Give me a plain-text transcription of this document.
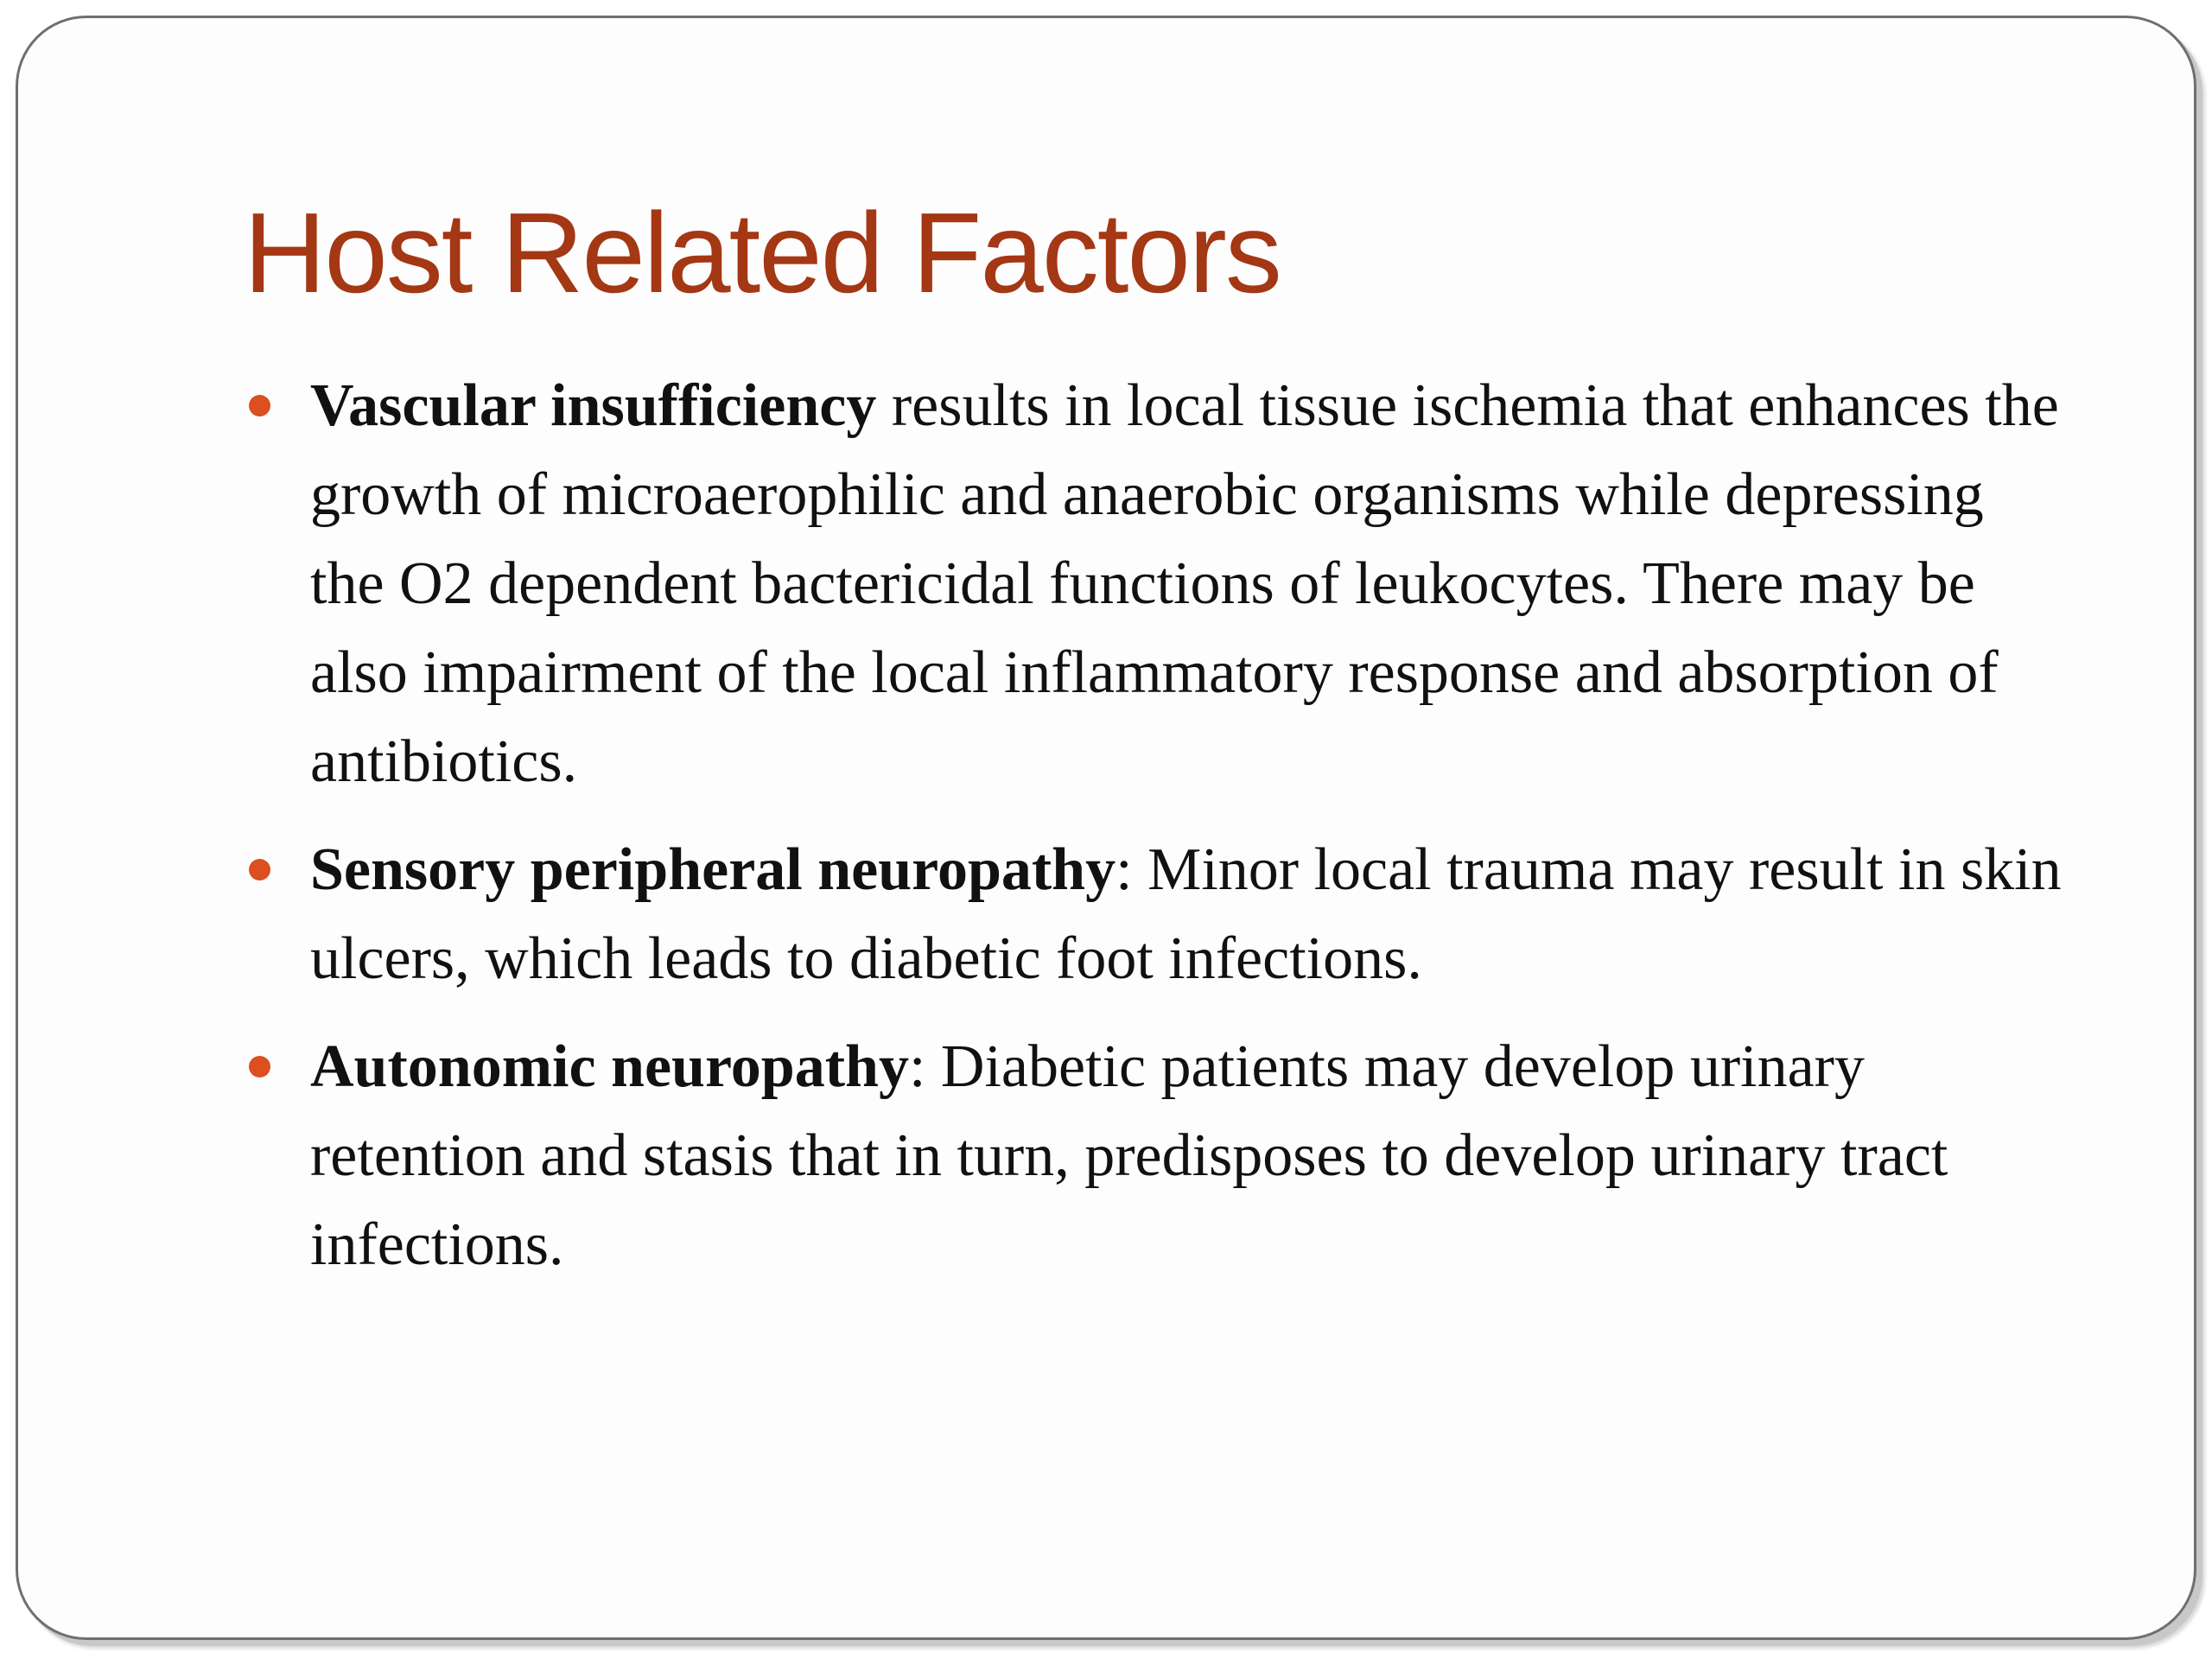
Host Related Factors
Vascular insufficiency results in local tissue ischemia that enhances the growth of microaerophilic and anaerobic organisms while depressing the O2 dependent bactericidal functions of leukocytes. There may be also impairment of the local inflammatory response and absorption of antibiotics.
Sensory peripheral neuropathy: Minor local trauma may result in skin ulcers, which leads to diabetic foot infections.
Autonomic neuropathy: Diabetic patients may develop urinary retention and stasis that in turn, predisposes to develop urinary tract infections.
